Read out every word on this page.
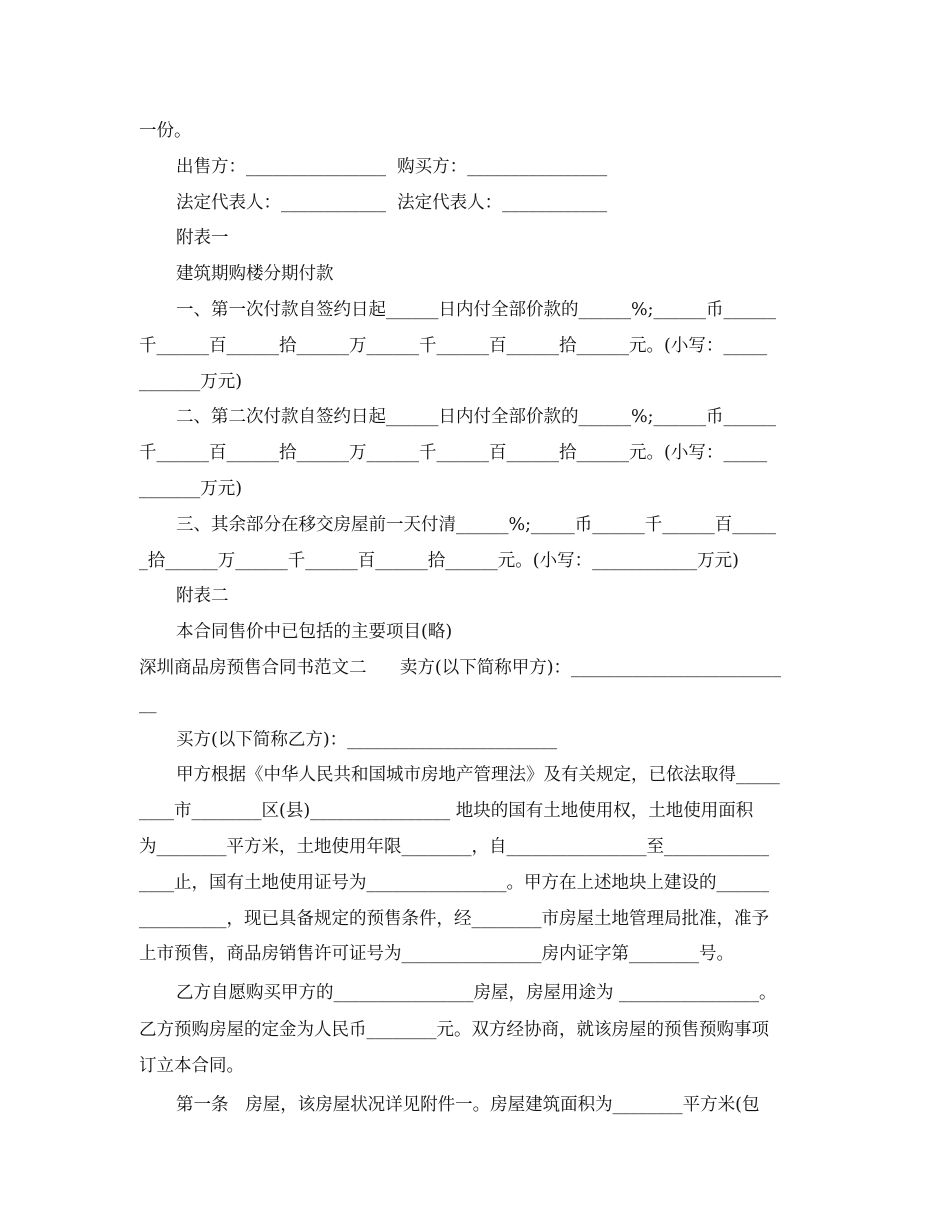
一份。
出售方：________________  购买方：________________
法定代表人：____________  法定代表人：____________
附表一
建筑期购楼分期付款
一、第一次付款自签约日起______日内付全部价款的______%;______币______
千______百______拾______万______千______百______拾______元。(小写：_____
_______万元)
二、第二次付款自签约日起______日内付全部价款的______%;______币______
千______百______拾______万______千______百______拾______元。(小写：_____
_______万元)
三、其余部分在移交房屋前一天付清______%;_____币______千______百_____
_拾______万______千______百______拾______元。(小写：____________万元)
附表二
本合同售价中已包括的主要项目(略)
深圳商品房预售合同书范文二      卖方(以下简称甲方)：________________________
__
买方(以下简称乙方)：________________________
甲方根据《中华人民共和国城市房地产管理法》及有关规定，已依法取得_____
____市________区(县)________________ 地块的国有土地使用权，土地使用面积
为________平方米，土地使用年限________，自________________至____________
____止，国有土地使用证号为________________。甲方在上述地块上建设的______
__________，现已具备规定的预售条件，经________市房屋土地管理局批准，准予
上市预售，商品房销售许可证号为________________房内证字第________号。
乙方自愿购买甲方的________________房屋，房屋用途为 ________________。
乙方预购房屋的定金为人民币________元。双方经协商，就该房屋的预售预购事项
订立本合同。
第一条   房屋，该房屋状况详见附件一。房屋建筑面积为________平方米(包
